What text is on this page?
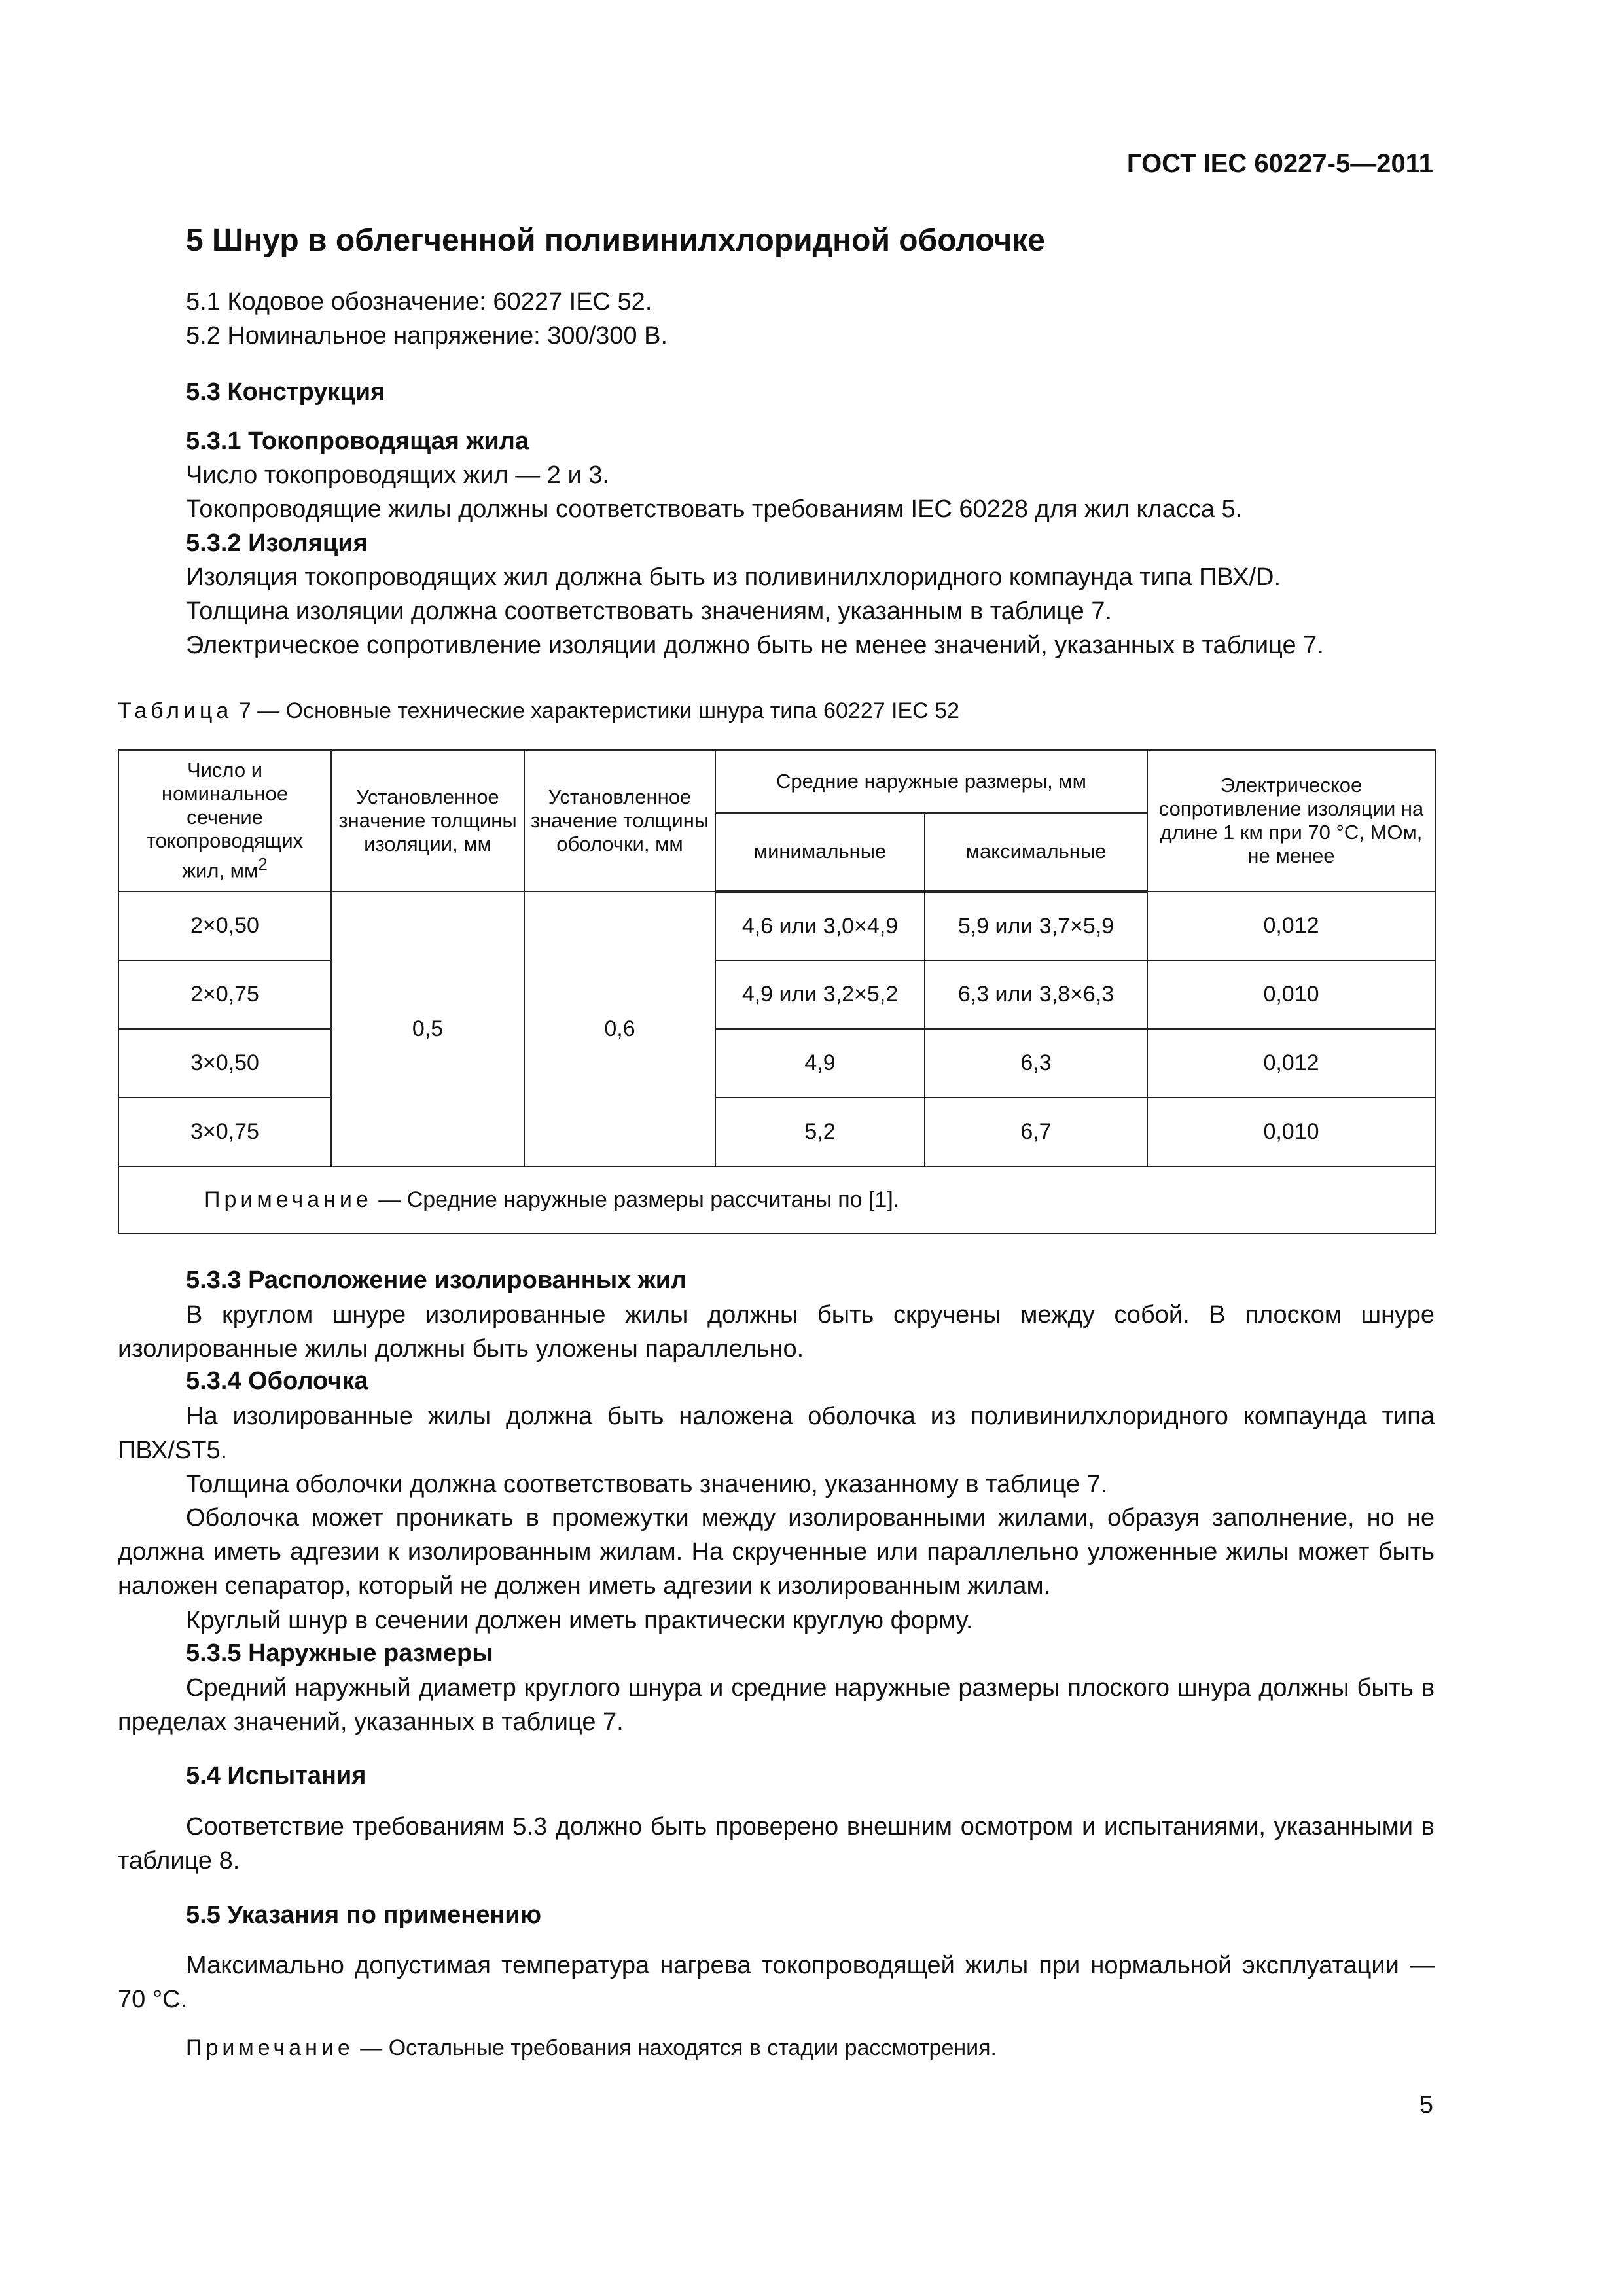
ГОСТ IEC 60227-5—2011
5 Шнур в облегченной поливинилхлоридной оболочке
5.1 Кодовое обозначение: 60227 IEC 52.
5.2 Номинальное напряжение: 300/300 В.
5.3 Конструкция
5.3.1 Токопроводящая жила
Число токопроводящих жил — 2 и 3.
Токопроводящие жилы должны соответствовать требованиям IEC 60228 для жил класса 5.
5.3.2 Изоляция
Изоляция токопроводящих жил должна быть из поливинилхлоридного компаунда типа ПВХ/D.
Толщина изоляции должна соответствовать значениям, указанным в таблице 7.
Электрическое сопротивление изоляции должно быть не менее значений, указанных в таблице 7.
Таблица 7 — Основные технические характеристики шнура типа 60227 IEC 52
Число и номинальное сечение токопроводящих жил, $мм^2$	Установленное значение толщины изоляции, мм	Установленное значение толщины оболочки, мм	Средние наружные размеры, мм		Электрическое сопротивление изоляции на длине 1 км при 70 °С, МОм, не менее
			минимальные	максимальные	
2×0,50	0,5	0,6	4,6 или 3,0×4,9	5,9 или 3,7×5,9	0,012
2×0,75			4,9 или 3,2×5,2	6,3 или 3,8×6,3	0,010
3×0,50			4,9	6,3	0,012
3×0,75			5,2	6,7	0,010
Примечание — Средние наружные размеры рассчитаны по [1].					
5.3.3 Расположение изолированных жил

В круглом шнуре изолированные жилы должны быть скручены между собой. В плоском шнуре изолированные жилы должны быть уложены параллельно.

5.3.4 Оболочка

На изолированные жилы должна быть наложена оболочка из поливинилхлоридного компаунда типа ПВХ/ST5.

Толщина оболочки должна соответствовать значению, указанному в таблице 7.

Оболочка может проникать в промежутки между изолированными жилами, образуя заполнение, но не должна иметь адгезии к изолированным жилам. На скрученные или параллельно уложенные жилы может быть наложен сепаратор, который не должен иметь адгезии к изолированным жилам.

Круглый шнур в сечении должен иметь практически круглую форму.
5.3.5 Наружные размеры

Средний наружный диаметр круглого шнура и средние наружные размеры плоского шнура должны быть в пределах значений, указанных в таблице 7.

5.4 Испытания

Соответствие требованиям 5.3 должно быть проверено внешним осмотром и испытаниями, указанными в таблице 8.

5.5 Указания по применению

Максимально допустимая температура нагрева токопроводящей жилы при нормальной эксплуатации — 70 °С.

Примечание — Остальные требования находятся в стадии рассмотрения.
5
